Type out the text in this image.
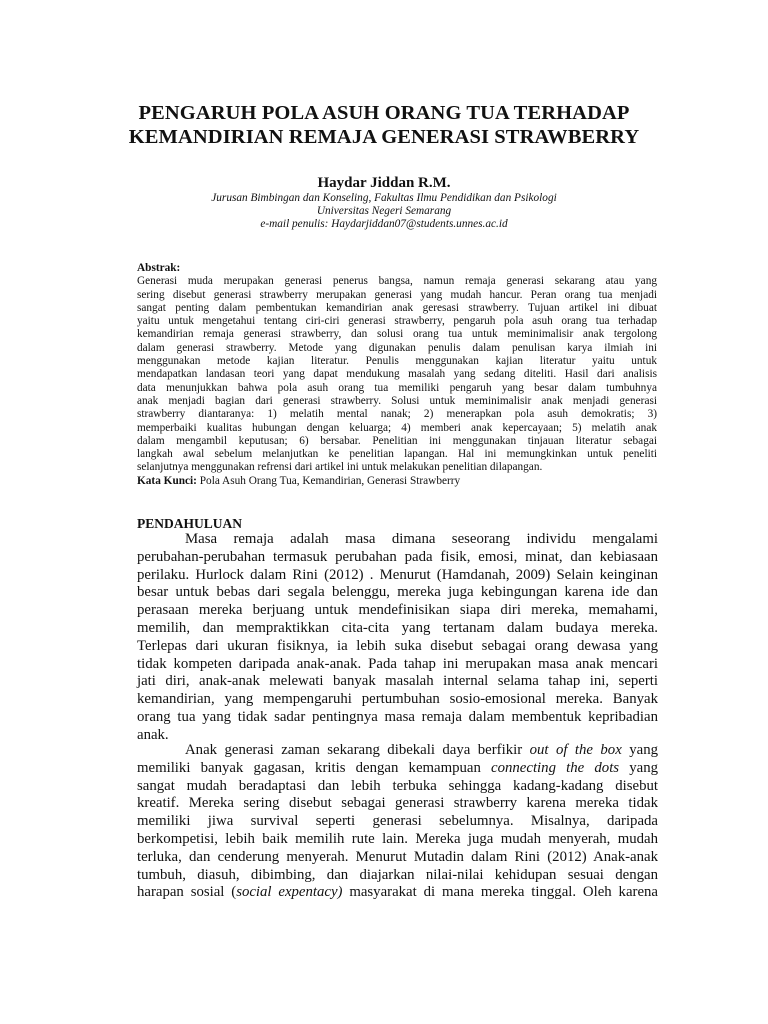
PENGARUH POLA ASUH ORANG TUA TERHADAP
KEMANDIRIAN REMAJA GENERASI STRAWBERRY
Haydar Jiddan R.M.
Jurusan Bimbingan dan Konseling, Fakultas Ilmu Pendidikan dan Psikologi
Universitas Negeri Semarang
e-mail penulis: Haydarjiddan07@students.unnes.ac.id
Abstrak:
Generasi muda merupakan generasi penerus bangsa, namun remaja generasi sekarang atau yang
sering disebut generasi strawberry merupakan generasi yang mudah hancur. Peran orang tua menjadi
sangat penting dalam pembentukan kemandirian anak geresasi strawberry. Tujuan artikel ini dibuat
yaitu untuk mengetahui tentang ciri-ciri generasi strawberry, pengaruh pola asuh orang tua terhadap
kemandirian remaja generasi strawberry, dan solusi orang tua untuk meminimalisir anak tergolong
dalam generasi strawberry. Metode yang digunakan penulis dalam penulisan karya ilmiah ini
menggunakan metode kajian literatur. Penulis menggunakan kajian literatur yaitu untuk
mendapatkan landasan teori yang dapat mendukung masalah yang sedang diteliti. Hasil dari analisis
data menunjukkan bahwa pola asuh orang tua memiliki pengaruh yang besar dalam tumbuhnya
anak menjadi bagian dari generasi strawberry. Solusi untuk meminimalisir anak menjadi generasi
strawberry diantaranya: 1) melatih mental nanak; 2) menerapkan pola asuh demokratis; 3)
memperbaiki kualitas hubungan dengan keluarga; 4) memberi anak kepercayaan; 5) melatih anak
dalam mengambil keputusan; 6) bersabar. Penelitian ini menggunakan tinjauan literatur sebagai
langkah awal sebelum melanjutkan ke penelitian lapangan. Hal ini memungkinkan untuk peneliti
selanjutnya menggunakan refrensi dari artikel ini untuk melakukan penelitian dilapangan.
Kata Kunci: Pola Asuh Orang Tua, Kemandirian, Generasi Strawberry
PENDAHULUAN
Masa remaja adalah masa dimana seseorang individu mengalami
perubahan-perubahan termasuk perubahan pada fisik, emosi, minat, dan kebiasaan
perilaku. Hurlock dalam Rini (2012) . Menurut (Hamdanah, 2009) Selain keinginan
besar untuk bebas dari segala belenggu, mereka juga kebingungan karena ide dan
perasaan mereka berjuang untuk mendefinisikan siapa diri mereka, memahami,
memilih, dan mempraktikkan cita-cita yang tertanam dalam budaya mereka.
Terlepas dari ukuran fisiknya, ia lebih suka disebut sebagai orang dewasa yang
tidak kompeten daripada anak-anak. Pada tahap ini merupakan masa anak mencari
jati diri, anak-anak melewati banyak masalah internal selama tahap ini, seperti
kemandirian, yang mempengaruhi pertumbuhan sosio-emosional mereka. Banyak
orang tua yang tidak sadar pentingnya masa remaja dalam membentuk kepribadian
anak.
Anak generasi zaman sekarang dibekali daya berfikir out of the box yang
memiliki banyak gagasan, kritis dengan kemampuan connecting the dots yang
sangat mudah beradaptasi dan lebih terbuka sehingga kadang-kadang disebut
kreatif. Mereka sering disebut sebagai generasi strawberry karena mereka tidak
memiliki jiwa survival seperti generasi sebelumnya. Misalnya, daripada
berkompetisi, lebih baik memilih rute lain. Mereka juga mudah menyerah, mudah
terluka, dan cenderung menyerah. Menurut Mutadin dalam Rini (2012) Anak-anak
tumbuh, diasuh, dibimbing, dan diajarkan nilai-nilai kehidupan sesuai dengan
harapan sosial (social expentacy) masyarakat di mana mereka tinggal. Oleh karena
